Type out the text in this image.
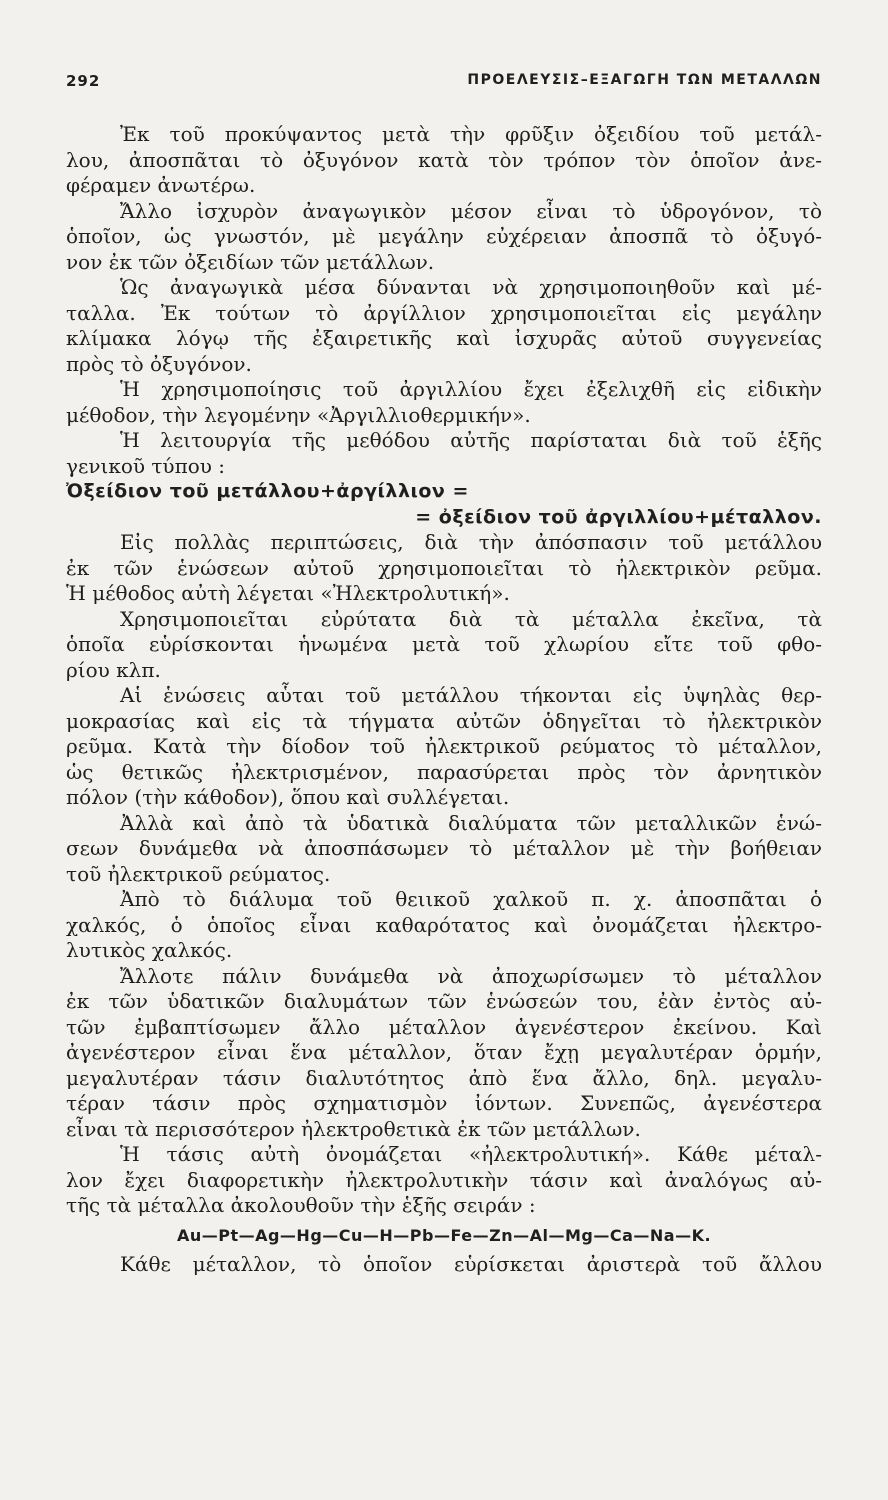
292	ΠΡΟΕΛΕΥΣΙΣ–ΕΞΑΓΩΓΗ ΤΩΝ ΜΕΤΑΛΛΩΝ
Ἐκ τοῦ προκύψαντος μετὰ τὴν φρῦξιν ὀξειδίου τοῦ μετάλ-
λου, ἀποσπᾶται τὸ ὀξυγόνον κατὰ τὸν τρόπον τὸν ὁποῖον ἀνε-
φέραμεν ἀνωτέρω.
Ἄλλο ἰσχυρὸν ἀναγωγικὸν μέσον εἶναι τὸ ὑδρογόνον, τὸ
ὁποῖον, ὡς γνωστόν, μὲ μεγάλην εὐχέρειαν ἀποσπᾶ τὸ ὀξυγό-
νον ἐκ τῶν ὀξειδίων τῶν μετάλλων.
Ὡς ἀναγωγικὰ μέσα δύνανται νὰ χρησιμοποιηθοῦν καὶ μέ-
ταλλα. Ἐκ τούτων τὸ ἀργίλλιον χρησιμοποιεῖται εἰς μεγάλην
κλίμακα λόγῳ τῆς ἐξαιρετικῆς καὶ ἰσχυρᾶς αὐτοῦ συγγενείας
πρὸς τὸ ὀξυγόνον.
Ἡ χρησιμοποίησις τοῦ ἀργιλλίου ἔχει ἐξελιχθῆ εἰς εἰδικὴν
μέθοδον, τὴν λεγομένην «Ἀργιλλιοθερμικήν».
Ἡ λειτουργία τῆς μεθόδου αὐτῆς παρίσταται διὰ τοῦ ἑξῆς
γενικοῦ τύπου :
Ὀξείδιον τοῦ μετάλλου+ἀργίλλιον =
= ὀξείδιον τοῦ ἀργιλλίου+μέταλλον.
Εἰς πολλὰς περιπτώσεις, διὰ τὴν ἀπόσπασιν τοῦ μετάλλου
ἐκ τῶν ἑνώσεων αὐτοῦ χρησιμοποιεῖται τὸ ἠλεκτρικὸν ρεῦμα.
Ἡ μέθοδος αὐτὴ λέγεται «Ἠλεκτρολυτική».
Χρησιμοποιεῖται εὐρύτατα διὰ τὰ μέταλλα ἐκεῖνα, τὰ
ὁποῖα εὑρίσκονται ἡνωμένα μετὰ τοῦ χλωρίου εἴτε τοῦ φθο-
ρίου κλπ.
Αἱ ἑνώσεις αὗται τοῦ μετάλλου τήκονται εἰς ὑψηλὰς θερ-
μοκρασίας καὶ εἰς τὰ τήγματα αὐτῶν ὁδηγεῖται τὸ ἠλεκτρικὸν
ρεῦμα. Κατὰ τὴν δίοδον τοῦ ἠλεκτρικοῦ ρεύματος τὸ μέταλλον,
ὡς θετικῶς ἠλεκτρισμένον, παρασύρεται πρὸς τὸν ἀρνητικὸν
πόλον (τὴν κάθοδον), ὅπου καὶ συλλέγεται.
Ἀλλὰ καὶ ἀπὸ τὰ ὑδατικὰ διαλύματα τῶν μεταλλικῶν ἑνώ-
σεων δυνάμεθα νὰ ἀποσπάσωμεν τὸ μέταλλον μὲ τὴν βοήθειαν
τοῦ ἠλεκτρικοῦ ρεύματος.
Ἀπὸ τὸ διάλυμα τοῦ θειικοῦ χαλκοῦ π. χ. ἀποσπᾶται ὁ
χαλκός, ὁ ὁποῖος εἶναι καθαρότατος καὶ ὀνομάζεται ἠλεκτρο-
λυτικὸς χαλκός.
Ἄλλοτε πάλιν δυνάμεθα νὰ ἀποχωρίσωμεν τὸ μέταλλον
ἐκ τῶν ὑδατικῶν διαλυμάτων τῶν ἑνώσεών του, ἐὰν ἐντὸς αὐ-
τῶν ἐμβαπτίσωμεν ἄλλο μέταλλον ἀγενέστερον ἐκείνου. Καὶ
ἀγενέστερον εἶναι ἕνα μέταλλον, ὅταν ἔχῃ μεγαλυτέραν ὁρμήν,
μεγαλυτέραν τάσιν διαλυτότητος ἀπὸ ἕνα ἄλλο, δηλ. μεγαλυ-
τέραν τάσιν πρὸς σχηματισμὸν ἰόντων. Συνεπῶς, ἀγενέστερα
εἶναι τὰ περισσότερον ἠλεκτροθετικὰ ἐκ τῶν μετάλλων.
Ἡ τάσις αὐτὴ ὀνομάζεται «ἠλεκτρολυτική». Κάθε μέταλ-
λον ἔχει διαφορετικὴν ἠλεκτρολυτικὴν τάσιν καὶ ἀναλόγως αὐ-
τῆς τὰ μέταλλα ἀκολουθοῦν τὴν ἑξῆς σειράν :
Au—Pt—Ag—Hg—Cu—H—Pb—Fe—Zn—Al—Mg—Ca—Na—K.
Κάθε μέταλλον, τὸ ὁποῖον εὑρίσκεται ἀριστερὰ τοῦ ἄλλου
